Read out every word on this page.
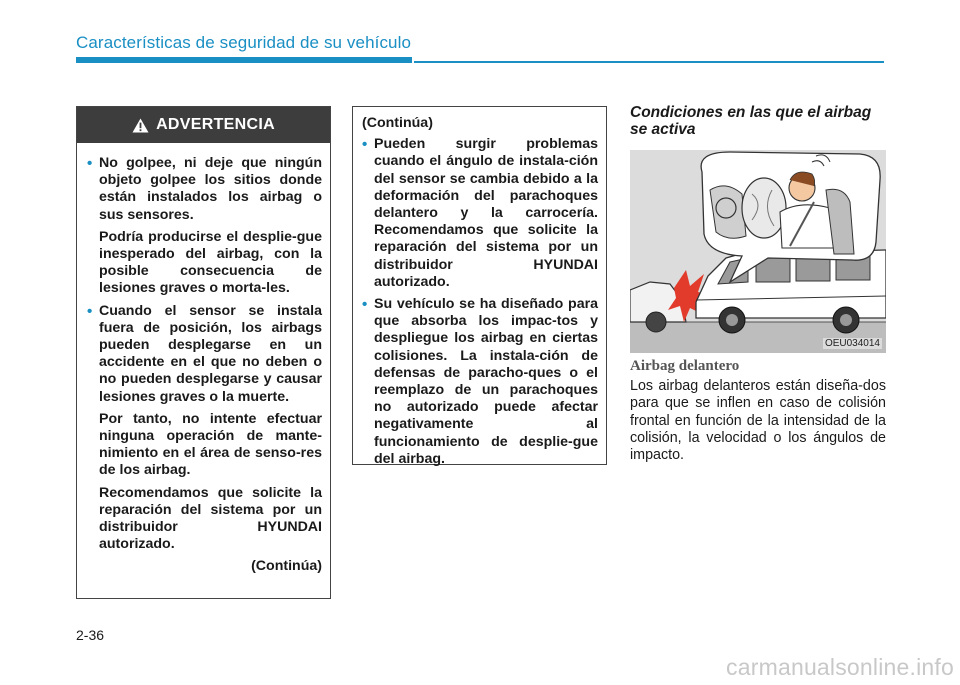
Características de seguridad de su vehículo
ADVERTENCIA
• No golpee, ni deje que ningún objeto golpee los sitios donde están instalados los airbag o sus sensores.
Podría producirse el desplie-gue inesperado del airbag, con la posible consecuencia de lesiones graves o morta-les.
• Cuando el sensor se instala fuera de posición, los airbags pueden desplegarse en un accidente en el que no deben o no pueden desplegarse y causar lesiones graves o la muerte.
Por tanto, no intente efectuar ninguna operación de mante-nimiento en el área de senso-res de los airbag.
Recomendamos que solicite la reparación del sistema por un distribuidor HYUNDAI autorizado.
(Continúa)
(Continúa)
• Pueden surgir problemas cuando el ángulo de instala-ción del sensor se cambia debido a la deformación del parachoques delantero y la carrocería. Recomendamos que solicite la reparación del sistema por un distribuidor HYUNDAI autorizado.
• Su vehículo se ha diseñado para que absorba los impac-tos y despliegue los airbag en ciertas colisiones. La instala-ción de defensas de paracho-ques o el reemplazo de un parachoques no autorizado puede afectar negativamente al funcionamiento de desplie-gue del airbag.
Condiciones en las que el airbag se activa
OEU034014
Airbag delantero
Los airbag delanteros están diseña-dos para que se inflen en caso de colisión frontal en función de la intensidad de la colisión, la velocidad o los ángulos de impacto.
2-36
carmanualsonline.info
